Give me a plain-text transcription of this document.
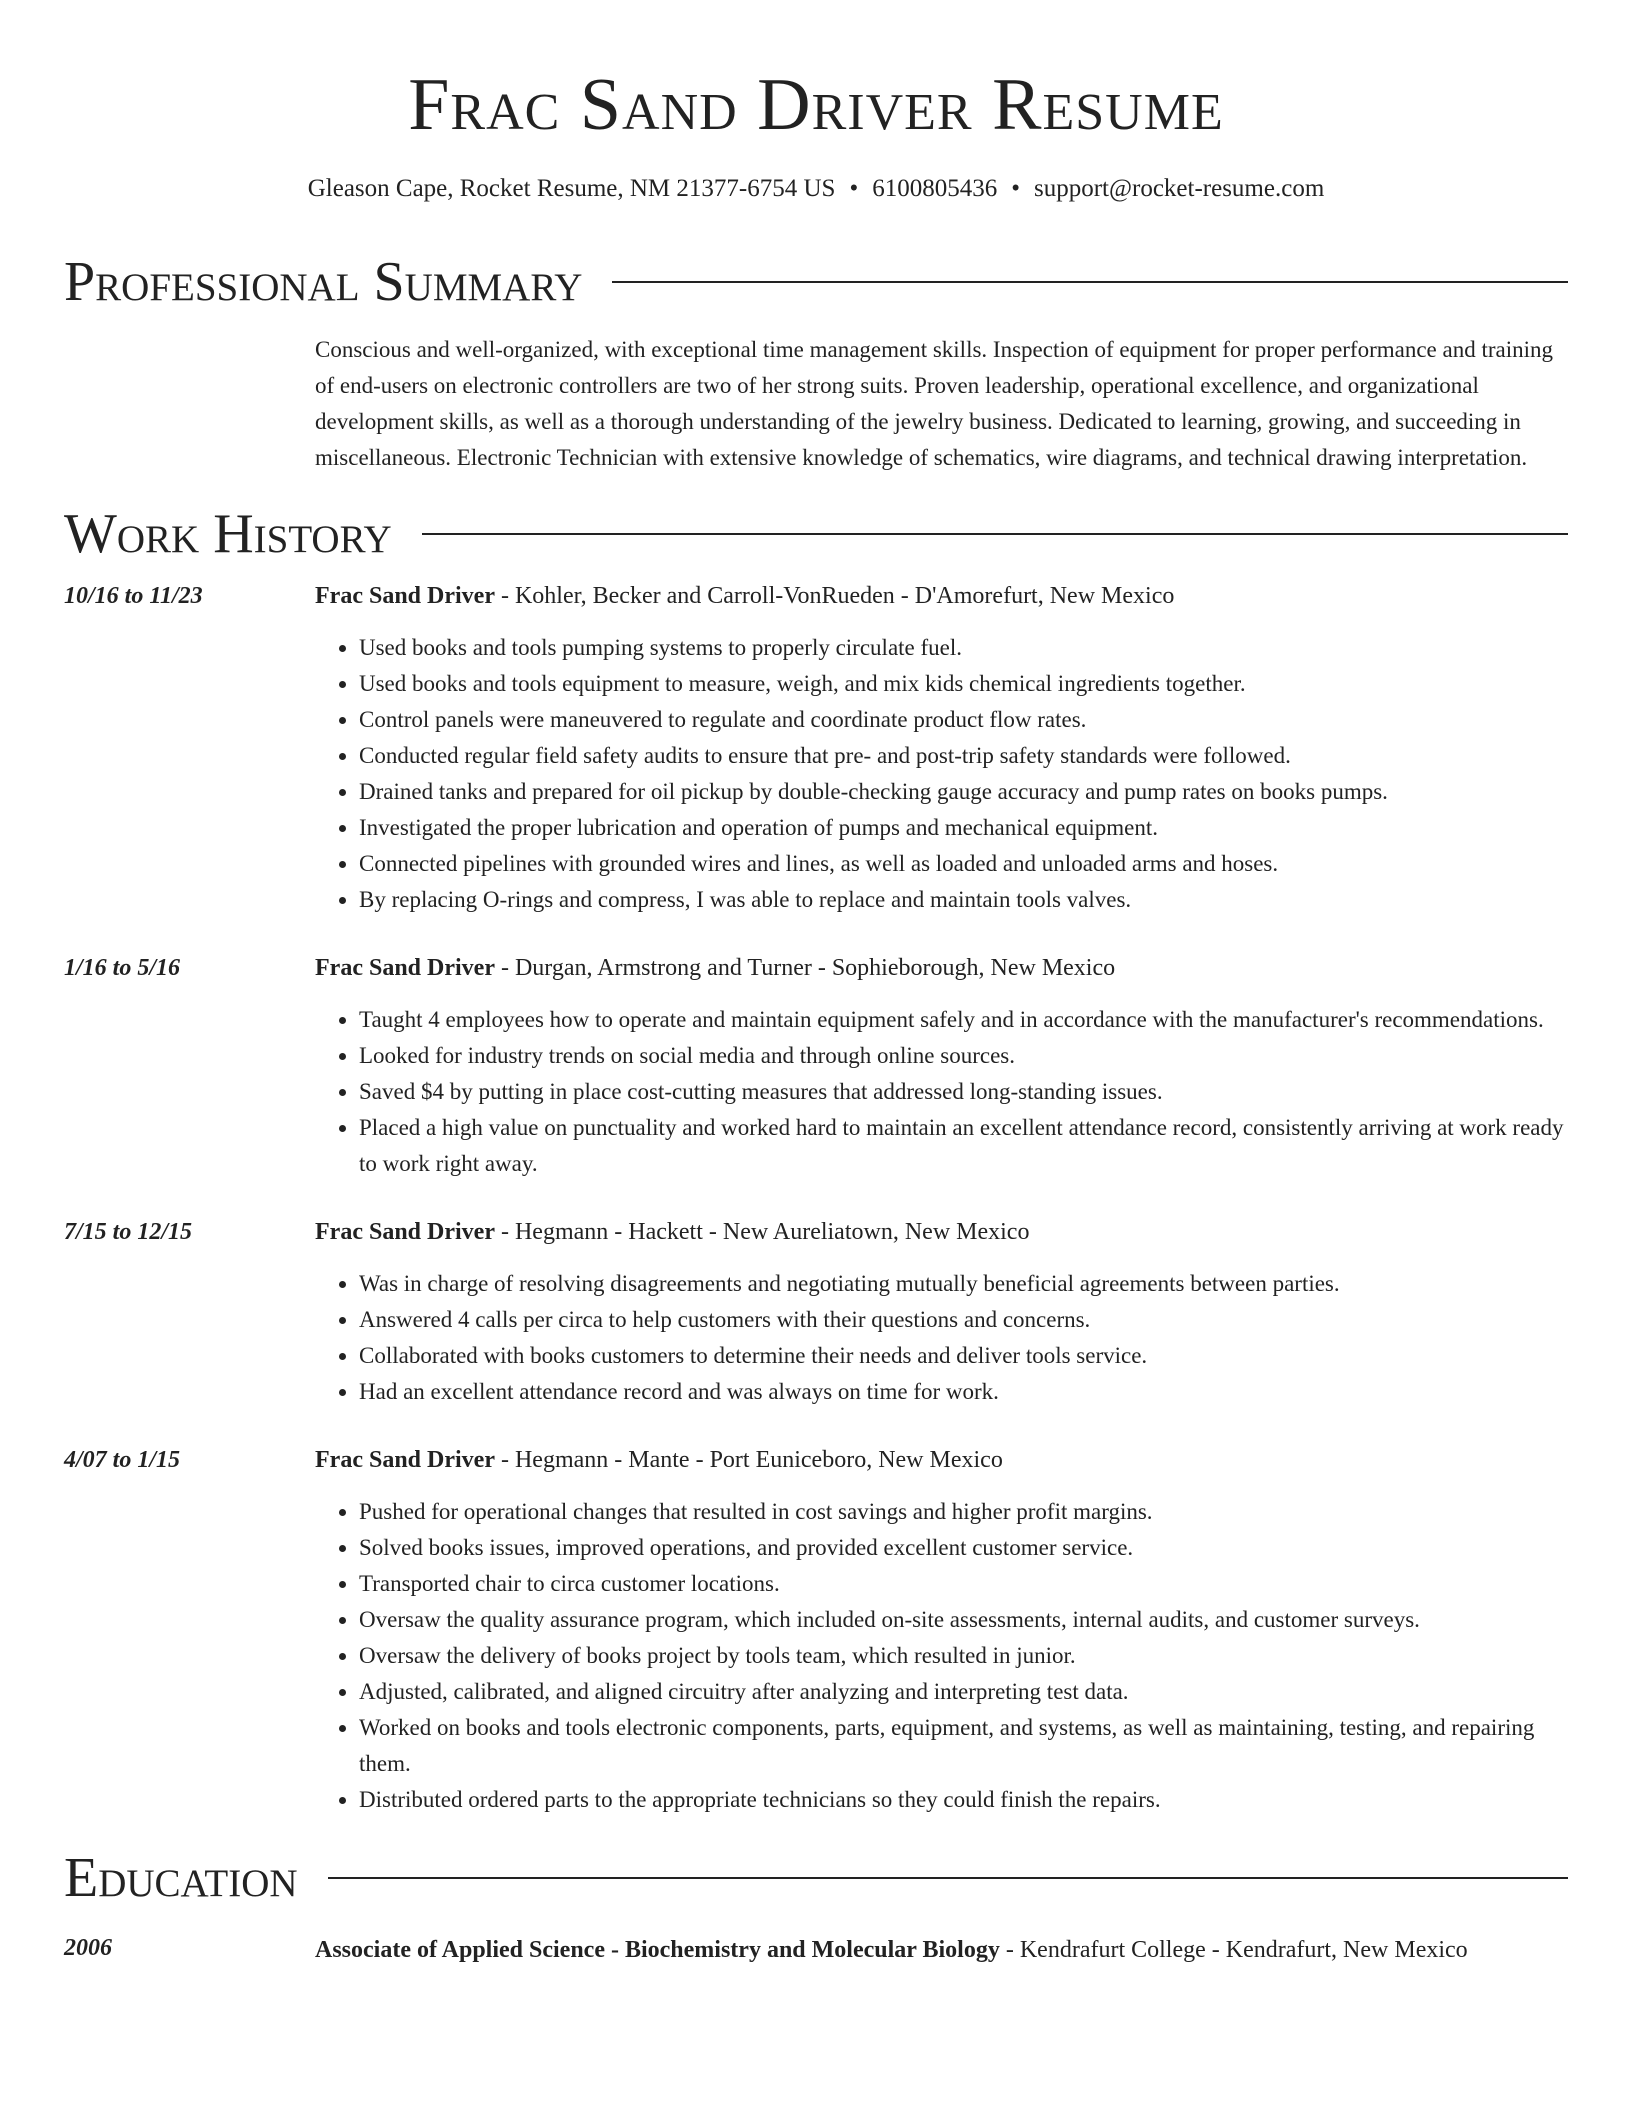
Frac Sand Driver Resume
Gleason Cape, Rocket Resume, NM 21377-6754 US • 6100805436 • support@rocket-resume.com
Professional Summary

Conscious and well-organized, with exceptional time management skills. Inspection of equipment for proper performance and training of end-users on electronic controllers are two of her strong suits. Proven leadership, operational excellence, and organizational development skills, as well as a thorough understanding of the jewelry business. Dedicated to learning, growing, and succeeding in miscellaneous. Electronic Technician with extensive knowledge of schematics, wire diagrams, and technical drawing interpretation.

Work History
10/16 to 11/23	Frac Sand Driver - Kohler, Becker and Carroll-VonRueden - D'Amorefurt, New Mexico
• Used books and tools pumping systems to properly circulate fuel.
• Used books and tools equipment to measure, weigh, and mix kids chemical ingredients together.
• Control panels were maneuvered to regulate and coordinate product flow rates.
• Conducted regular field safety audits to ensure that pre- and post-trip safety standards were followed.
• Drained tanks and prepared for oil pickup by double-checking gauge accuracy and pump rates on books pumps.
• Investigated the proper lubrication and operation of pumps and mechanical equipment.
• Connected pipelines with grounded wires and lines, as well as loaded and unloaded arms and hoses.
• By replacing O-rings and compress, I was able to replace and maintain tools valves.
1/16 to 5/16	Frac Sand Driver - Durgan, Armstrong and Turner - Sophieborough, New Mexico
• Taught 4 employees how to operate and maintain equipment safely and in accordance with the manufacturer's recommendations.
• Looked for industry trends on social media and through online sources.
• Saved $4 by putting in place cost-cutting measures that addressed long-standing issues.
• Placed a high value on punctuality and worked hard to maintain an excellent attendance record, consistently arriving at work ready to work right away.
7/15 to 12/15	Frac Sand Driver - Hegmann - Hackett - New Aureliatown, New Mexico
• Was in charge of resolving disagreements and negotiating mutually beneficial agreements between parties.
• Answered 4 calls per circa to help customers with their questions and concerns.
• Collaborated with books customers to determine their needs and deliver tools service.
• Had an excellent attendance record and was always on time for work.
4/07 to 1/15	Frac Sand Driver - Hegmann - Mante - Port Euniceboro, New Mexico
• Pushed for operational changes that resulted in cost savings and higher profit margins.
• Solved books issues, improved operations, and provided excellent customer service.
• Transported chair to circa customer locations.
• Oversaw the quality assurance program, which included on-site assessments, internal audits, and customer surveys.
• Oversaw the delivery of books project by tools team, which resulted in junior.
• Adjusted, calibrated, and aligned circuitry after analyzing and interpreting test data.
• Worked on books and tools electronic components, parts, equipment, and systems, as well as maintaining, testing, and repairing them.
• Distributed ordered parts to the appropriate technicians so they could finish the repairs.
Education
2006	Associate of Applied Science - Biochemistry and Molecular Biology - Kendrafurt College - Kendrafurt, New Mexico
